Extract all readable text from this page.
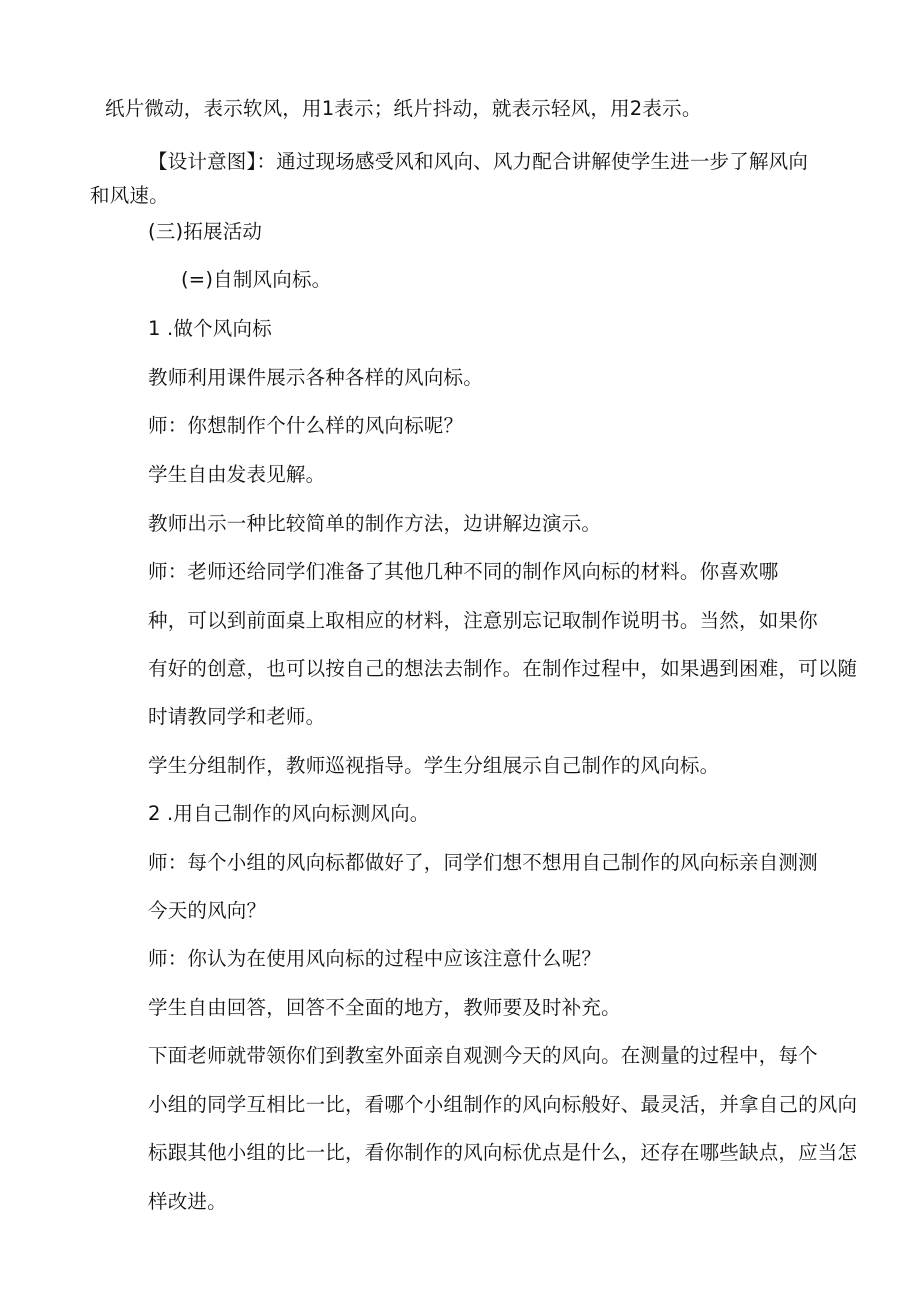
纸片微动，表示软风，用1表示；纸片抖动，就表示轻风，用2表示。
【设计意图】：通过现场感受风和风向、风力配合讲解使学生进一步了解风向
和风速。
(三)拓展活动
(=)自制风向标。
1 .做个风向标
教师利用课件展示各种各样的风向标。
师：你想制作个什么样的风向标呢？
学生自由发表见解。
教师出示一种比较简单的制作方法，边讲解边演示。
师：老师还给同学们准备了其他几种不同的制作风向标的材料。你喜欢哪
种，可以到前面桌上取相应的材料，注意别忘记取制作说明书。当然，如果你
有好的创意，也可以按自己的想法去制作。在制作过程中，如果遇到困难，可以随
时请教同学和老师。
学生分组制作，教师巡视指导。学生分组展示自己制作的风向标。
2 .用自己制作的风向标测风向。
师：每个小组的风向标都做好了，同学们想不想用自己制作的风向标亲自测测
今天的风向？
师：你认为在使用风向标的过程中应该注意什么呢？
学生自由回答，回答不全面的地方，教师要及时补充。
下面老师就带领你们到教室外面亲自观测今天的风向。在测量的过程中，每个
小组的同学互相比一比，看哪个小组制作的风向标般好、最灵活，并拿自己的风向
标跟其他小组的比一比，看你制作的风向标优点是什么，还存在哪些缺点，应当怎
样改进。
